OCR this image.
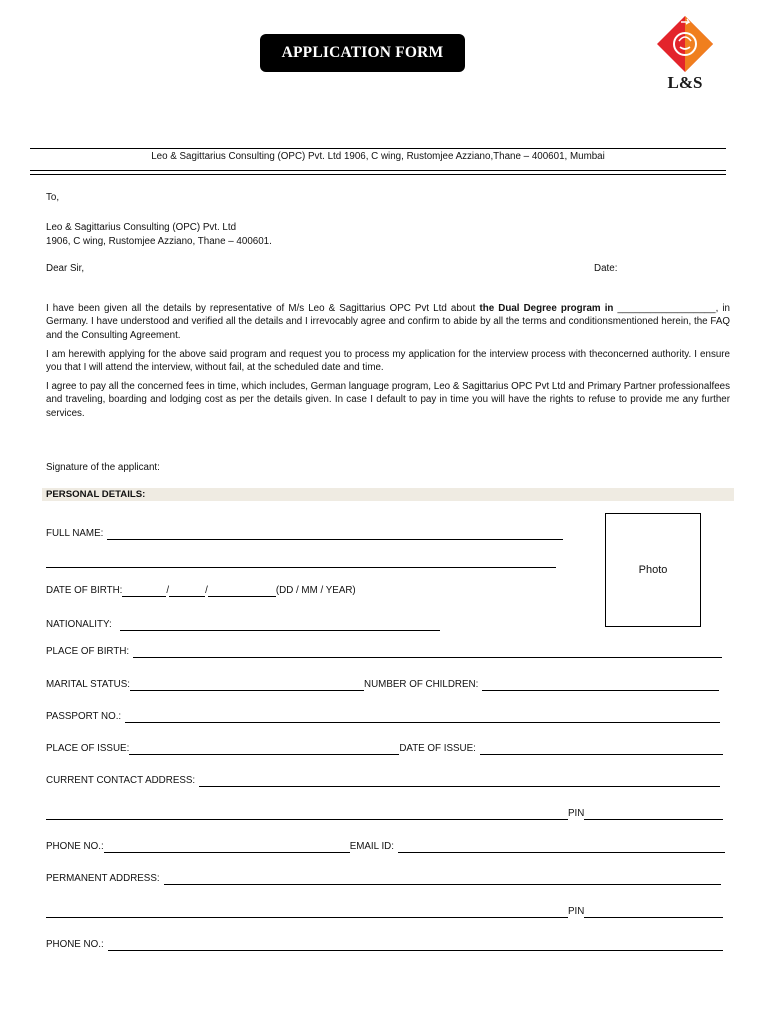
APPLICATION FORM
L&S
Leo & Sagittarius Consulting (OPC) Pvt. Ltd 1906, C wing, Rustomjee Azziano,Thane – 400601, Mumbai
To,
Leo & Sagittarius Consulting (OPC) Pvt. Ltd
1906, C wing, Rustomjee Azziano, Thane – 400601.
Dear Sir,	Date:
I have been given all the details by representative of M/s Leo & Sagittarius OPC Pvt Ltd about the Dual Degree program in __________________, in Germany. I have understood and verified all the details and I irrevocably agree and confirm to abide by all the terms and conditionsmentioned herein, the FAQ and the Consulting Agreement.
I am herewith applying for the above said program and request you to process my application for the interview process with theconcerned authority. I ensure you that I will attend the interview, without fail, at the scheduled date and time.
I agree to pay all the concerned fees in time, which includes, German language program, Leo & Sagittarius OPC Pvt Ltd and Primary Partner professionalfees and traveling, boarding and lodging cost as per the details given. In case I default to pay in time you will have the rights to refuse to provide me any further services.
Signature of the applicant:
PERSONAL DETAILS:
Photo
FULL NAME:
DATE OF BIRTH:	/	/	(DD / MM / YEAR)
NATIONALITY:
PLACE OF BIRTH:
MARITAL STATUS:	NUMBER OF CHILDREN:
PASSPORT NO.:
PLACE OF ISSUE:	DATE OF ISSUE:
CURRENT CONTACT ADDRESS:
PIN
PHONE NO.:	EMAIL ID:
PERMANENT ADDRESS:
PIN
PHONE NO.:
